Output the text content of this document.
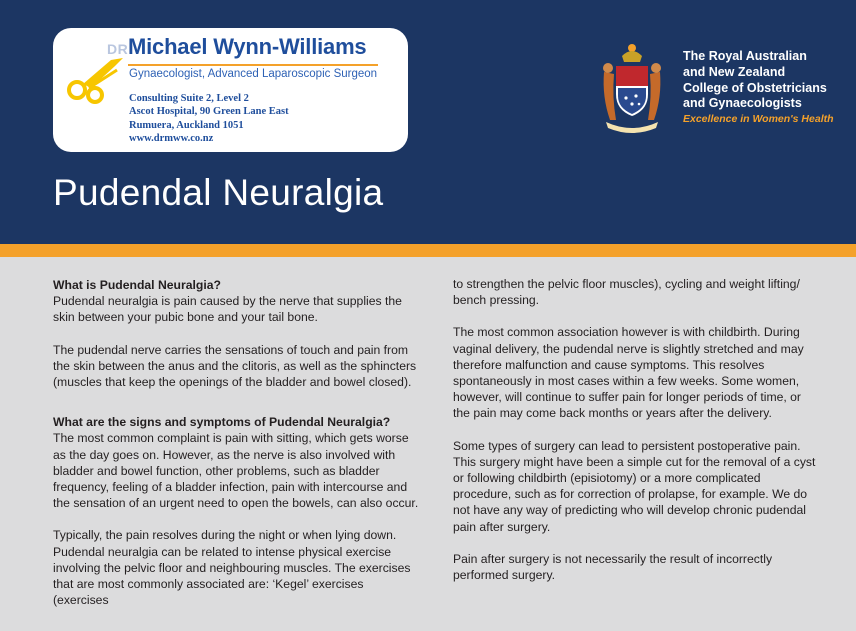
DR Michael Wynn-Williams
Gynaecologist, Advanced Laparoscopic Surgeon
Consulting Suite 2, Level 2
Ascot Hospital, 90 Green Lane East
Rumuera, Auckland 1051
www.drmww.co.nz
The Royal Australian
and New Zealand
College of Obstetricians
and Gynaecologists
Excellence in Women's Health
Pudendal Neuralgia
What is Pudendal Neuralgia?

Pudendal neuralgia is pain caused by the nerve that supplies the skin between your pubic bone and your tail bone.

The pudendal nerve carries the sensations of touch and pain from the skin between the anus and the clitoris, as well as the sphincters (muscles that keep the openings of the bladder and bowel closed).

What are the signs and symptoms of Pudendal Neuralgia?

The most common complaint is pain with sitting, which gets worse as the day goes on. However, as the nerve is also involved with bladder and bowel function, other problems, such as bladder frequency, feeling of a bladder infection, pain with intercourse and the sensation of an urgent need to open the bowels, can also occur.

Typically, the pain resolves during the night or when lying down. Pudendal neuralgia can be related to intense physical exercise involving the pelvic floor and neighbouring muscles. The exercises that are most commonly associated are: ‘Kegel’ exercises (exercises

to strengthen the pelvic floor muscles), cycling and weight lifting/ bench pressing.

The most common association however is with childbirth. During vaginal delivery, the pudendal nerve is slightly stretched and may therefore malfunction and cause symptoms. This resolves spontaneously in most cases within a few weeks. Some women, however, will continue to suffer pain for longer periods of time, or the pain may come back months or years after the delivery.

Some types of surgery can lead to persistent postoperative pain. This surgery might have been a simple cut for the removal of a cyst or following childbirth (episiotomy) or a more complicated procedure, such as for correction of prolapse, for example. We do not have any way of predicting who will develop chronic pudendal pain after surgery.

Pain after surgery is not necessarily the result of incorrectly performed surgery.
